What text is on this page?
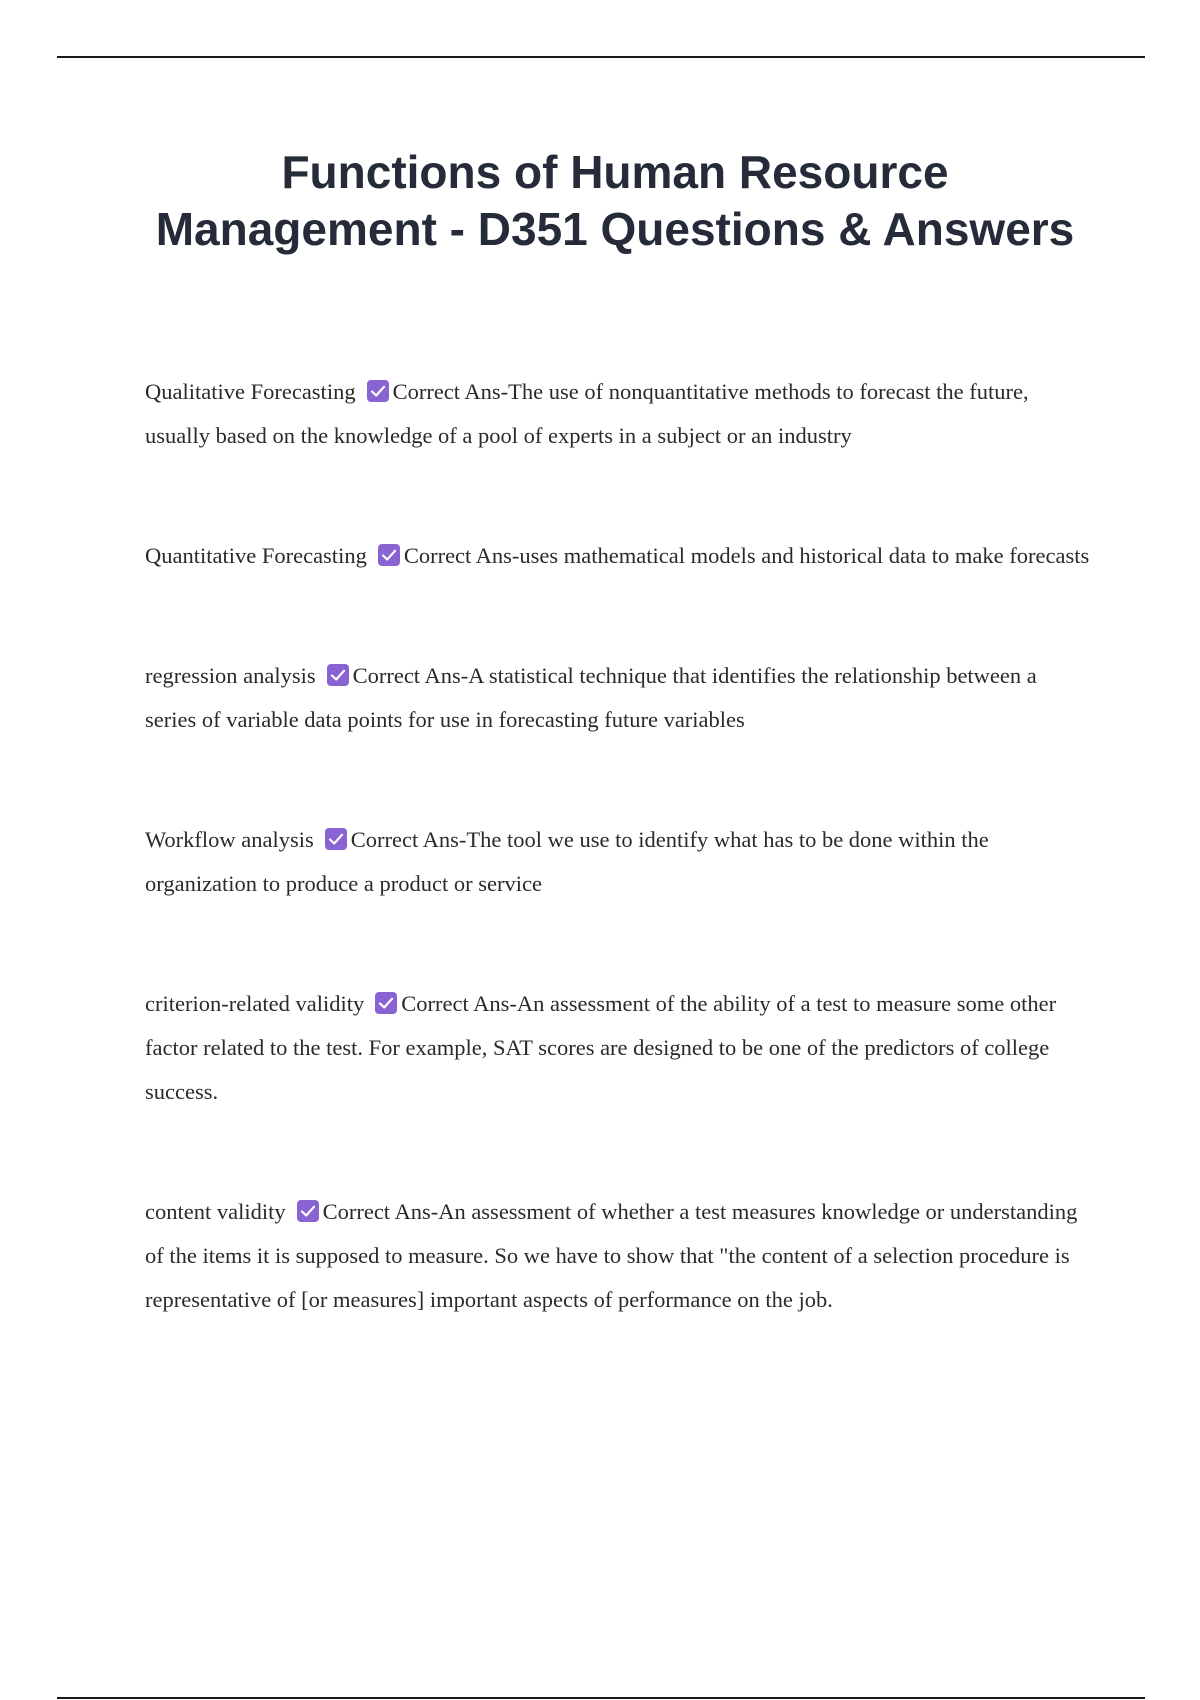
Functions of Human Resource Management - D351 Questions & Answers

Qualitative Forecasting Correct Ans-The use of nonquantitative methods to forecast the future, usually based on the knowledge of a pool of experts in a subject or an industry

Quantitative Forecasting Correct Ans-uses mathematical models and historical data to make forecasts

regression analysis Correct Ans-A statistical technique that identifies the relationship between a series of variable data points for use in forecasting future variables

Workflow analysis Correct Ans-The tool we use to identify what has to be done within the organization to produce a product or service

criterion-related validity Correct Ans-An assessment of the ability of a test to measure some other factor related to the test. For example, SAT scores are designed to be one of the predictors of college success.

content validity Correct Ans-An assessment of whether a test measures knowledge or understanding of the items it is supposed to measure. So we have to show that "the content of a selection procedure is representative of [or measures] important aspects of performance on the job.
